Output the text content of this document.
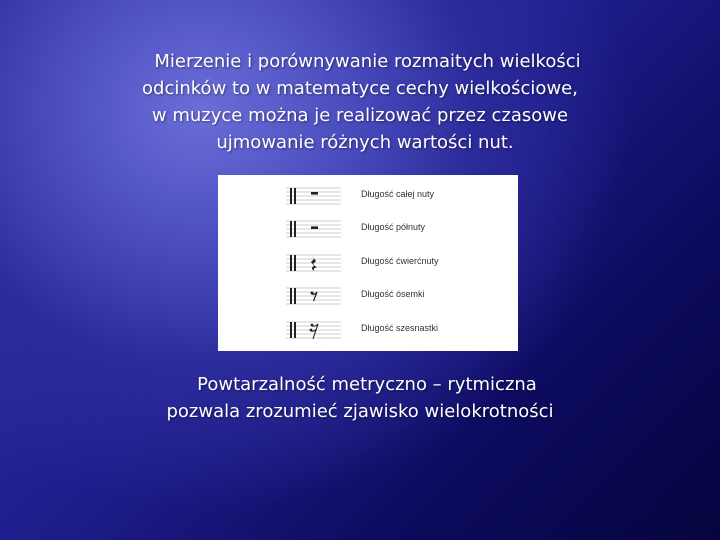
Mierzenie i porównywanie rozmaitych wielkości
odcinków to w matematyce cechy wielkościowe,
w muzyce można je realizować przez czasowe
ujmowanie różnych wartości nut.
Długość całej nuty
Długość półnuty
Długość ćwierćnuty
Długość ósemki
Długość szesnastki
Powtarzalność metryczno – rytmiczna
pozwala zrozumieć zjawisko wielokrotności
